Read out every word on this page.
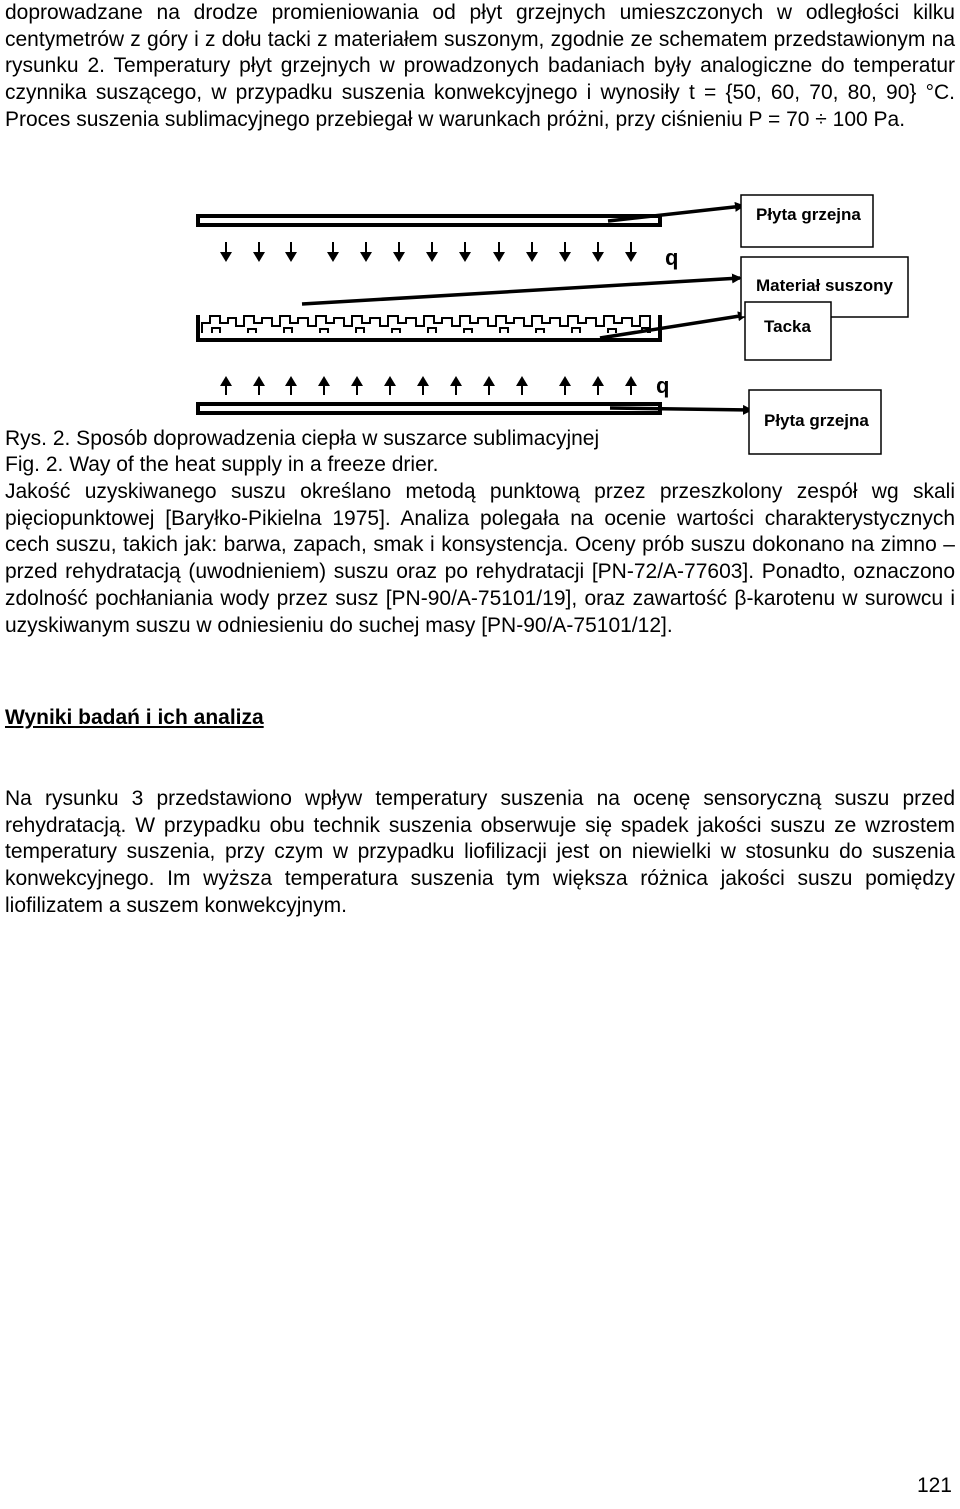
doprowadzane na drodze promieniowania od płyt grzejnych umieszczonych w odległości kilku centymetrów z góry i z dołu tacki z materiałem suszonym, zgodnie ze schematem przedstawionym na rysunku 2. Temperatury płyt grzejnych w prowadzonych badaniach były analogiczne do temperatur czynnika suszącego, w przypadku suszenia konwekcyjnego i wynosiły t = {50, 60, 70, 80, 90} °C. Proces suszenia sublimacyjnego przebiegał w warunkach próżni, przy ciśnieniu P = 70 ÷ 100 Pa.

q
q
Płyta grzejna
Materiał suszony
Tacka
Płyta grzejna

Rys. 2. Sposób doprowadzenia ciepła w suszarce sublimacyjnej

Fig. 2. Way of the heat supply in a freeze drier.

Jakość uzyskiwanego suszu określano metodą punktową przez przeszkolony zespół wg skali pięciopunktowej [Baryłko-Pikielna 1975]. Analiza polegała na ocenie wartości charakterystycznych cech suszu, takich jak: barwa, zapach, smak i konsystencja. Oceny prób suszu dokonano na zimno – przed rehydratacją (uwodnieniem) suszu oraz po rehydratacji [PN-72/A-77603]. Ponadto, oznaczono zdolność pochłaniania wody przez susz [PN-90/A-75101/19], oraz zawartość β-karotenu w surowcu i uzyskiwanym suszu w odniesieniu do suchej masy [PN-90/A-75101/12].

Wyniki badań i ich analiza

Na rysunku 3 przedstawiono wpływ temperatury suszenia na ocenę sensoryczną suszu przed rehydratacją. W przypadku obu technik suszenia obserwuje się spadek jakości suszu ze wzrostem temperatury suszenia, przy czym w przypadku liofilizacji jest on niewielki w stosunku do suszenia konwekcyjnego. Im wyższa temperatura suszenia tym większa różnica jakości suszu pomiędzy liofilizatem a suszem konwekcyjnym.

121
